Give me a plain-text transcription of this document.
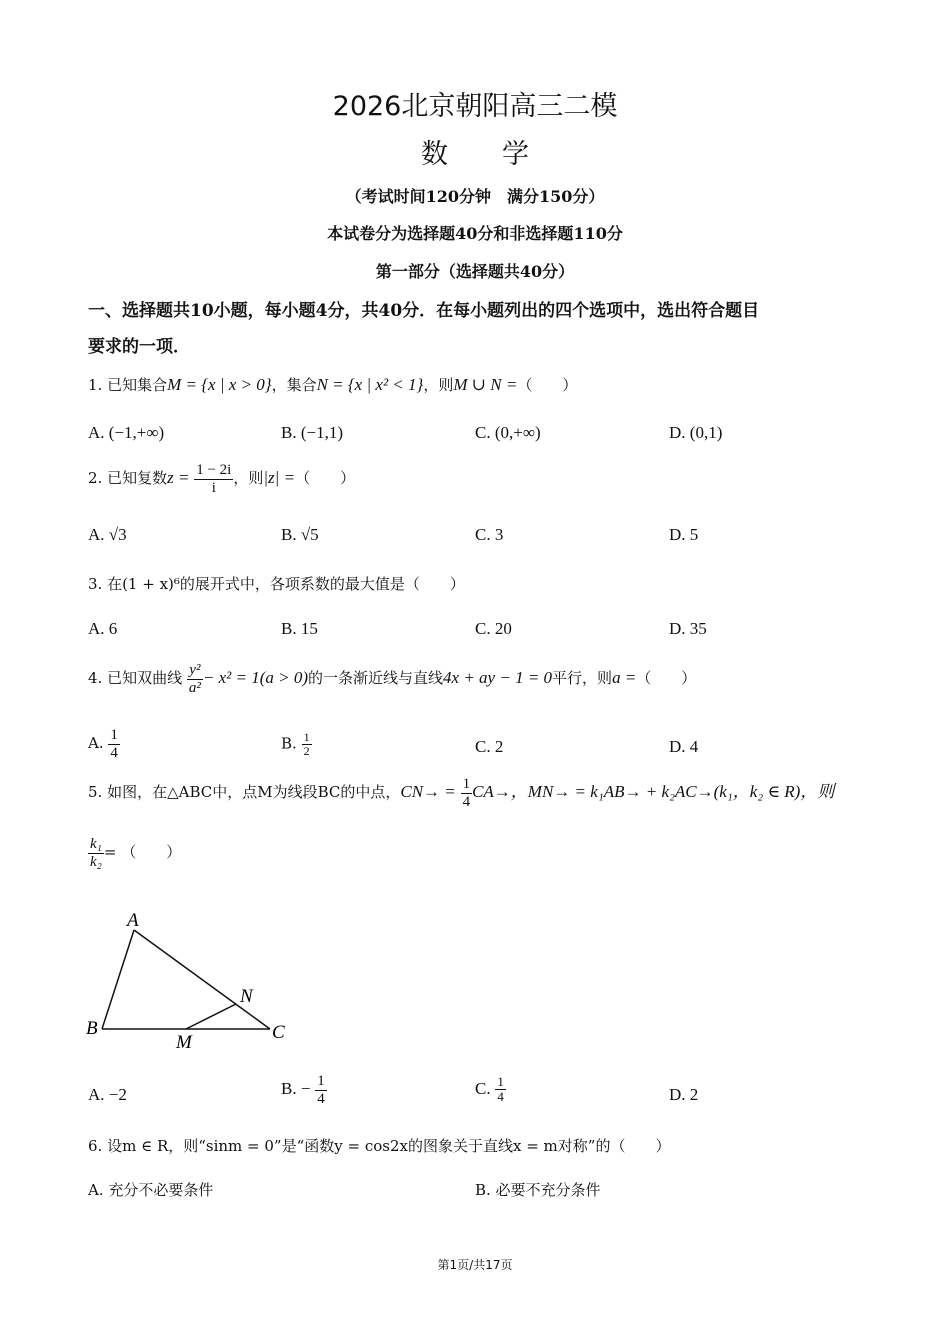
2026北京朝阳高三二模
数　　学
（考试时间120分钟　满分150分）
本试卷分为选择题40分和非选择题110分
第一部分（选择题共40分）
一、选择题共10小题，每小题4分，共40分．在每小题列出的四个选项中，选出符合题目
要求的一项．
1. 已知集合M = {x | x > 0}，集合N = {x | x² < 1}，则M ∪ N =（　　）
A. (−1,+∞)	B. (−1,1)	C. (0,+∞)	D. (0,1)
2. 已知复数$z = \frac{1 - 2i}{i}$ ，则|z| =（　　）
A. √3	B. √5	C. 3	D. 5
3. 在(1 + x)⁶的展开式中，各项系数的最大值是（　　）
A. 6	B. 15	C. 20	D. 35
4. 已知双曲线 $\frac{\text{y²}}{\text{a²}} - x^2 = 1(a > 0)$的一条渐近线与直线4x + ay − 1 = 0平行，则a =（　　）
A. $\frac{1}{4}$	B. $\frac{1}{2}$	C. 2	D. 4
5. 如图，在△ABC中，点M为线段BC的中点，$CN\to = \frac{1}{4} CA\to$，MN→ = k₁AB→ + k₂AC→(k₁，k₂ ∈ R)，则
$\frac{\text{k₁}}{\text{k₂}}$ = （　　）
A
B	C
M
N
A. −2	B. − $\frac{1}{4}$	C. $\frac{1}{4}$	D. 2
6. 设m ∈ R，则“sinm = 0”是“函数y = cos2x的图象关于直线x = m对称”的（　　）
A. 充分不必要条件	B. 必要不充分条件
第1页/共17页
